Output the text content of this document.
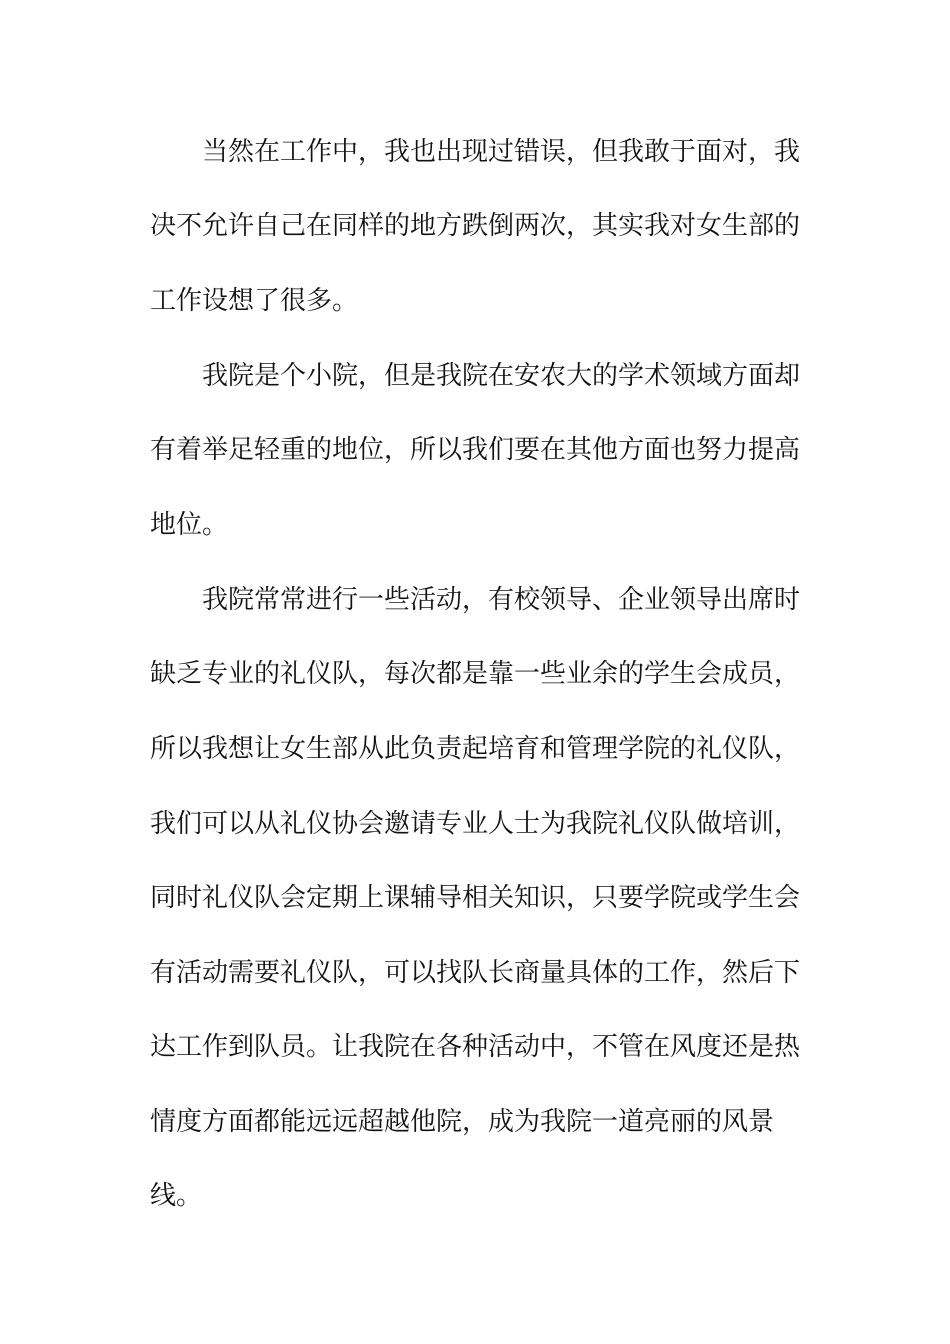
当然在工作中，我也出现过错误，但我敢于面对，我
决不允许自己在同样的地方跌倒两次，其实我对女生部的
工作设想了很多。
我院是个小院，但是我院在安农大的学术领域方面却
有着举足轻重的地位，所以我们要在其他方面也努力提高
地位。
我院常常进行一些活动，有校领导、企业领导出席时
缺乏专业的礼仪队，每次都是靠一些业余的学生会成员，
所以我想让女生部从此负责起培育和管理学院的礼仪队，
我们可以从礼仪协会邀请专业人士为我院礼仪队做培训，
同时礼仪队会定期上课辅导相关知识，只要学院或学生会
有活动需要礼仪队，可以找队长商量具体的工作，然后下
达工作到队员。让我院在各种活动中，不管在风度还是热
情度方面都能远远超越他院，成为我院一道亮丽的风景
线。
